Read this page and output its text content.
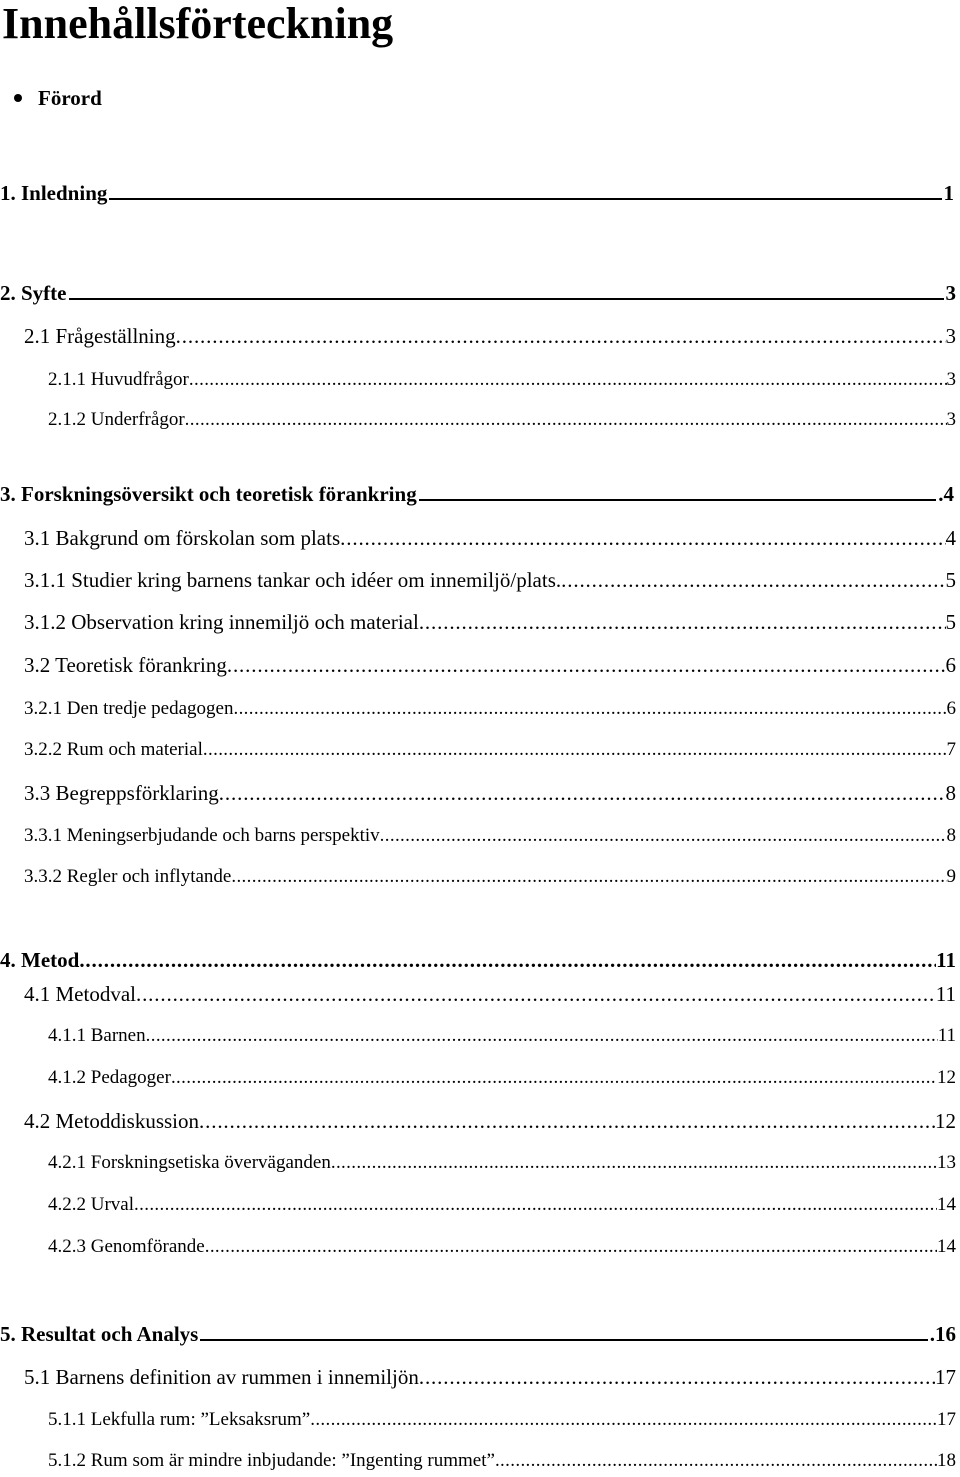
Innehållsförteckning
Förord
1. Inledning	1
2. Syfte	3
2.1 Frågeställning . . .	3
2.1.1 Huvudfrågor . . .	3
2.1.2 Underfrågor . . .	3
3. Forskningsöversikt och teoretisk förankring	.4
3.1 Bakgrund om förskolan som plats . . .	4
3.1.1 Studier kring barnens tankar och idéer om innemiljö/plats. . . .	5
3.1.2 Observation kring innemiljö och material . . .	5
3.2 Teoretisk förankring . . .	6
3.2.1 Den tredje pedagogen . . .	6
3.2.2 Rum och material . . .	7
3.3 Begreppsförklaring . . .	8
3.3.1 Meningserbjudande och barns perspektiv . . .	8
3.3.2 Regler och inflytande . . .	9
4. Metod . . .	11
4.1 Metodval . . .	11
4.1.1 Barnen . . .	11
4.1.2 Pedagoger . . .	12
4.2 Metoddiskussion . . .	12
4.2.1 Forskningsetiska överväganden . . .	13
4.2.2 Urval . . .	14
4.2.3 Genomförande . . .	14
5. Resultat och Analys	.16
5.1 Barnens definition av rummen i innemiljön . . .	17
5.1.1 Lekfulla rum: ”Leksaksrum” . . .	17
5.1.2 Rum som är mindre inbjudande: ”Ingenting rummet” . . .	18
